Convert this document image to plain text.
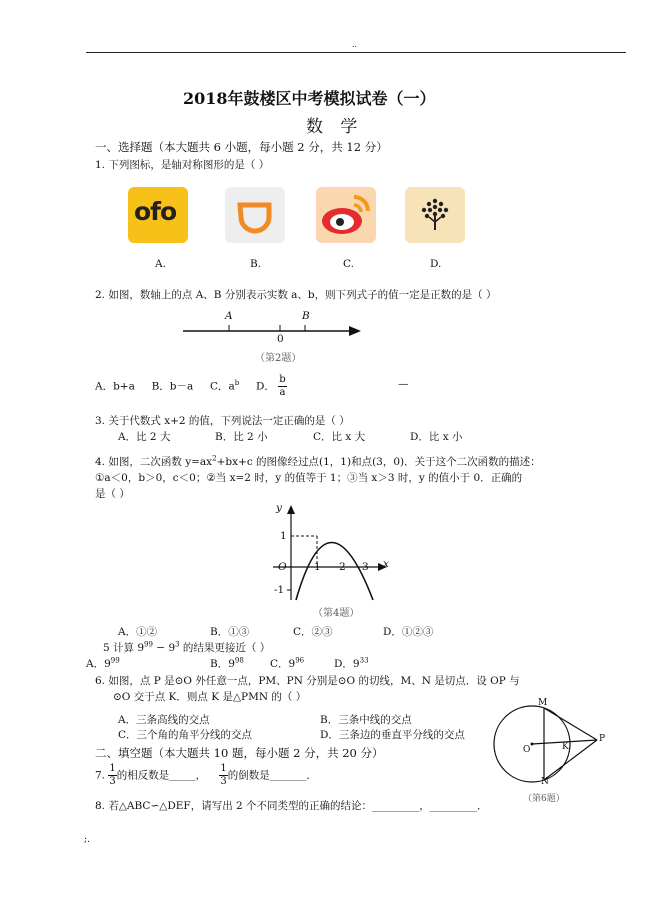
..
2018年鼓楼区中考模拟试卷（一）
数 学
一、选择题（本大题共 6 小题，每小题 2 分，共 12 分）
1. 下列图标，是轴对称图形的是（ ）
ofo
A.	B.	C.	D.
2. 如图，数轴上的点 A、B 分别表示实数 a、b，则下列式子的值一定是正数的是（ ）
A	B
0
（第2题）
A．b+a B．b－a C．$a^b$ D． $\frac{b}{a}$	—
3. 关于代数式 x+2 的值，下列说法一定正确的是（ ）
A．比 2 大	B．比 2 小	C．比 x 大	D．比 x 小
4. 如图，二次函数 $y=ax^2+bx+c$ 的图像经过点(1，1)和点(3，0)．关于这个二次函数的描述：
①a＜0，b＞0，c＜0；②当 x=2 时，y 的值等于 1；③当 x＞3 时，y 的值小于 0．正确的
是（ ）
y
x
O	1 2 3
1
-1
（第4题）
A．①②	B．①③	C．②③	D．①②③
5 计算 $9^{99} - 9^3$ 的结果更接近（ ）
A．$9^{99}$	B．$9^{98}$ C．$9^{96}$	D．$9^{33}$
6. 如图，点 P 是⊙O 外任意一点，PM、PN 分别是⊙O 的切线，M、N 是切点．设 OP 与
⊙O 交于点 K．则点 K 是△PMN 的（ ）
A．三条高线的交点	B．三条中线的交点
C．三个角的角平分线的交点	D．三条边的垂直平分线的交点
M
O	K
P
N
（第6题）
二、填空题（本大题共 10 题，每小题 2 分，共 20 分）
7. $\frac{1}{3}$ 的相反数是_____， $\frac{1}{3}$ 的倒数是_______．
8. 若△ABC∽△DEF，请写出 2 个不同类型的正确的结论：_________，_________．
;.
